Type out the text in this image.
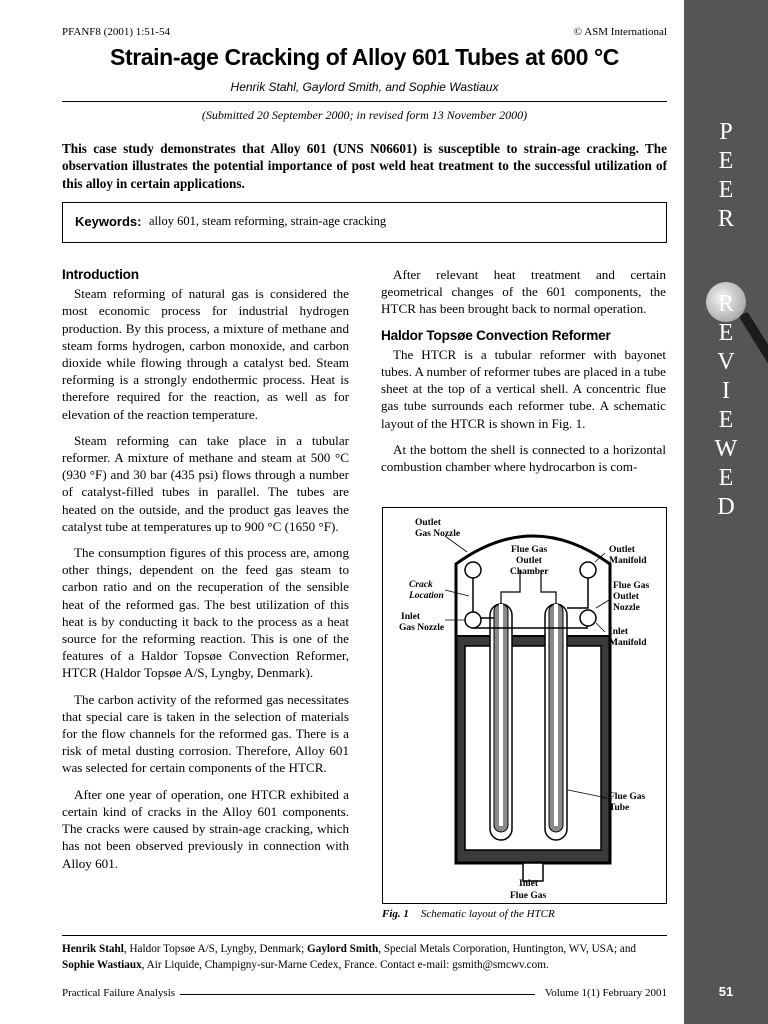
PFANF8 (2001) 1:51-54	© ASM International
Strain-age Cracking of Alloy 601 Tubes at 600 °C
Henrik Stahl, Gaylord Smith, and Sophie Wastiaux
(Submitted 20 September 2000; in revised form 13 November 2000)
This case study demonstrates that Alloy 601 (UNS N06601) is susceptible to strain-age cracking. The observation illustrates the potential importance of post weld heat treatment to the successful utilization of this alloy in certain applications.
Keywords: alloy 601, steam reforming, strain-age cracking
Introduction

Steam reforming of natural gas is considered the most economic process for industrial hydrogen production. By this process, a mixture of methane and steam forms hydrogen, carbon monoxide, and carbon dioxide while flowing through a catalyst bed. Steam reforming is a strongly endothermic process. Heat is therefore required for the reaction, as well as for elevation of the reaction temperature.

Steam reforming can take place in a tubular reformer. A mixture of methane and steam at 500 °C (930 °F) and 30 bar (435 psi) flows through a number of catalyst-filled tubes in parallel. The tubes are heated on the outside, and the product gas leaves the catalyst tube at temperatures up to 900 °C (1650 °F).

The consumption figures of this process are, among other things, dependent on the feed gas steam to carbon ratio and on the recuperation of the sensible heat of the reformed gas. The best utilization of this heat is by conducting it back to the process as a heat source for the reforming reaction. This is one of the features of a Haldor Topsøe Convection Reformer, HTCR (Haldor Topsøe A/S, Lyngby, Denmark).

The carbon activity of the reformed gas necessitates that special care is taken in the selection of materials for the flow channels for the reformed gas. There is a risk of metal dusting corrosion. Therefore, Alloy 601 was selected for certain components of the HTCR.

After one year of operation, one HTCR exhibited a certain kind of cracks in the Alloy 601 components. The cracks were caused by strain-age cracking, which has not been observed previously in connection with Alloy 601.

After relevant heat treatment and certain geometrical changes of the 601 components, the HTCR has been brought back to normal operation.

Haldor Topsøe Convection Reformer

The HTCR is a tubular reformer with bayonet tubes. A number of reformer tubes are placed in a tube sheet at the top of a vertical shell. A concentric flue gas tube surrounds each reformer tube. A schematic layout of the HTCR is shown in Fig. 1.

At the bottom the shell is connected to a horizontal combustion chamber where hydrocarbon is com-

Outlet
Gas Nozzle
Flue Gas
Outlet
Chamber
Outlet
Manifold
Crack
Location
Flue Gas
Outlet
Nozzle
Inlet
Gas Nozzle	Inlet
Manifold
Flue Gas
Tube
Inlet
Flue Gas
Fig. 1 Schematic layout of the HTCR
Henrik Stahl, Haldor Topsøe A/S, Lyngby, Denmark; Gaylord Smith, Special Metals Corporation, Huntington, WV, USA; and
Sophie Wastiaux, Air Liquide, Champigny-sur-Marne Cedex, France. Contact e-mail: gsmith@smcwv.com.
Practical Failure Analysis	Volume 1(1) February 2001
P
E
E
R
R
E
V
I
E
W
E
D
51
